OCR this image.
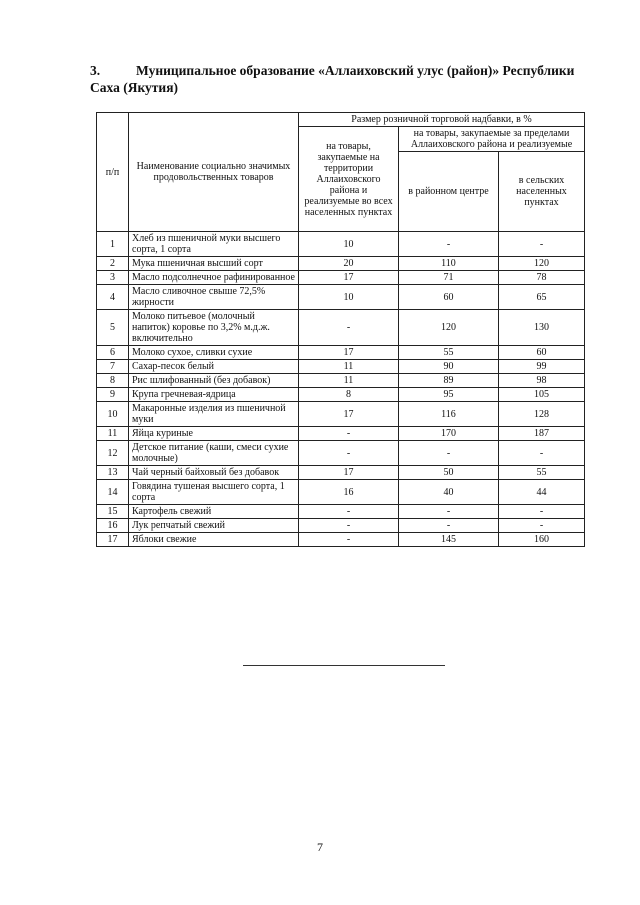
3.	Муниципальное образование «Аллаиховский улус (район)» Республики Саха (Якутия)
п/п	Наименование социально значимых продовольственных товаров	Размер розничной торговой надбавки, в %		
		на товары, закупаемые на территории Аллаиховского района и реализуемые во всех населенных пунктах	на товары, закупаемые за пределами Аллаиховского района и реализуемые	
			в районном центре	в сельских населенных пунктах
1	Хлеб из пшеничной муки высшего сорта, 1 сорта	10	-	-
2	Мука пшеничная высший сорт	20	110	120
3	Масло подсолнечное рафинированное	17	71	78
4	Масло сливочное свыше 72,5% жирности	10	60	65
5	Молоко питьевое (молочный напиток) коровье по 3,2% м.д.ж. включительно	-	120	130
6	Молоко сухое, сливки сухие	17	55	60
7	Сахар-песок белый	11	90	99
8	Рис шлифованный (без добавок)	11	89	98
9	Крупа гречневая-ядрица	8	95	105
10	Макаронные изделия из пшеничной муки	17	116	128
11	Яйца куриные	-	170	187
12	Детское питание (каши, смеси сухие молочные)	-	-	-
13	Чай черный байховый без добавок	17	50	55
14	Говядина тушеная высшего сорта, 1 сорта	16	40	44
15	Картофель свежий	-	-	-
16	Лук репчатый свежий	-	-	-
17	Яблоки свежие	-	145	160
7
